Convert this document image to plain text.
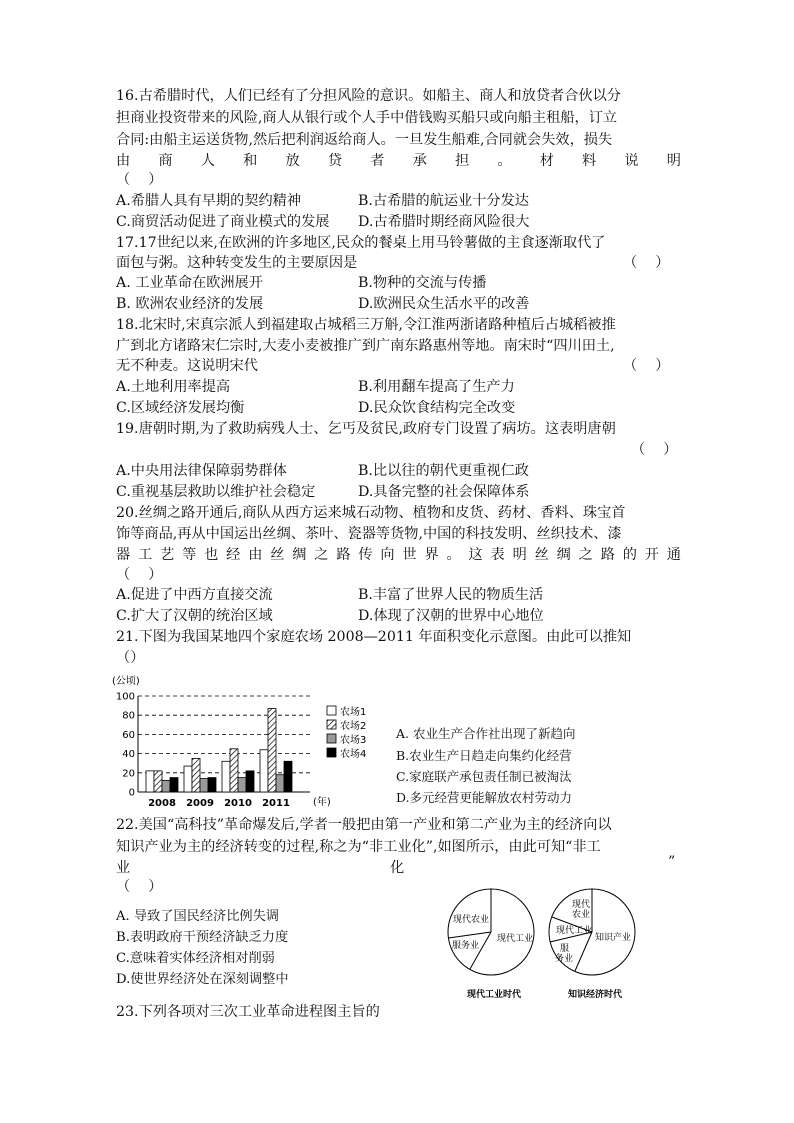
16.古希腊时代，人们已经有了分担风险的意识。如船主、商人和放贷者合伙以分
担商业投资带来的风险,商人从银行或个人手中借钱购买船只或向船主租船，订立
合同:由船主运送货物,然后把利润返给商人。一旦发生船难,合同就会失效，损失
由 商 人 和 放 贷 者 承 担 。 材 料 说 明
（    ）
A.希腊人具有早期的契约精神	B.古希腊的航运业十分发达
C.商贸活动促进了商业模式的发展 D.古希腊时期经商风险很大
17.17世纪以来,在欧洲的许多地区,民众的餐桌上用马铃薯做的主食逐渐取代了
面包与粥。这种转变发生的主要原因是	（    ）
A. 工业革命在欧洲展开	B.物种的交流与传播
B. 欧洲农业经济的发展	D.欧洲民众生活水平的改善
18.北宋时,宋真宗派人到福建取占城稻三万斛,令江淮两浙诸路种植后占城稻被推
广到北方诸路宋仁宗时,大麦小麦被推广到广南东路惠州等地。南宋时“四川田土,
无不种麦。这说明宋代	（    ）
A.土地利用率提高	B.利用翻车提高了生产力
C.区域经济发展均衡	D.民众饮食结构完全改变
19.唐朝时期,为了救助病残人士、乞丐及贫民,政府专门设置了病坊。这表明唐朝
（    ）
A.中央用法律保障弱势群体	B.比以往的朝代更重视仁政
C.重视基层救助以维护社会稳定	D.具备完整的社会保障体系
20.丝绸之路开通后,商队从西方运来城石动物、植物和皮货、药材、香料、珠宝首
饰等商品,再从中国运出丝绸、茶叶、瓷器等货物,中国的科技发明、丝织技术、漆
器 工 艺 等 也 经 由 丝 绸 之 路 传 向 世 界 。 这 表 明 丝 绸 之 路 的 开 通
（    ）
A.促进了中西方直接交流	B.丰富了世界人民的物质生活
C.扩大了汉朝的统治区域	D.体现了汉朝的世界中心地位
21.下图为我国某地四个家庭农场 2008—2011 年面积变化示意图。由此可以推知
（）
(公顷)
0
20
40
60
80
100
2008 2009 2010 2011 (年)
农场1
农场2
农场3
农场4
A. 农业生产合作社出现了新趋向
B.农业生产日趋走向集约化经营
C.家庭联产承包责任制已被淘汰
D.多元经营更能解放农村劳动力
22.美国“高科技”革命爆发后,学者一般把由第一产业和第二产业为主的经济向以
知识产业为主的经济转变的过程,称之为“非工业化”,如图所示，由此可知“非工
业	化	”
（    ）
A. 导致了国民经济比例失调
B.表明政府干预经济缺乏力度
C.意味着实体经济相对削弱
D.使世界经济处在深刻调整中
现代农业
服务业
现代工业
现代工业时代
现代
农业
现代工业
服
务业
知识产业
知识经济时代
23.下列各项对三次工业革命进程图主旨的
